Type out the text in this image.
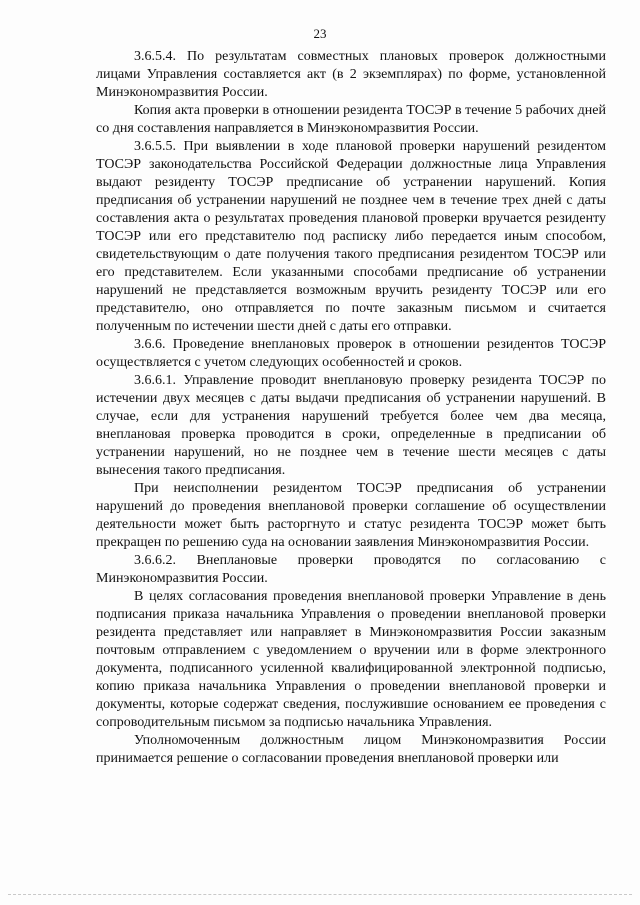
23

3.6.5.4. По результатам совместных плановых проверок должностными лицами Управления составляется акт (в 2 экземплярах) по форме, установленной Минэкономразвития России.

Копия акта проверки в отношении резидента ТОСЭР в течение 5 рабочих дней со дня составления направляется в Минэкономразвития России.

3.6.5.5. При выявлении в ходе плановой проверки нарушений резидентом ТОСЭР законодательства Российской Федерации должностные лица Управления выдают резиденту ТОСЭР предписание об устранении нарушений. Копия предписания об устранении нарушений не позднее чем в течение трех дней с даты составления акта о результатах проведения плановой проверки вручается резиденту ТОСЭР или его представителю под расписку либо передается иным способом, свидетельствующим о дате получения такого предписания резидентом ТОСЭР или его представителем. Если указанными способами предписание об устранении нарушений не представляется возможным вручить резиденту ТОСЭР или его представителю, оно отправляется по почте заказным письмом и считается полученным по истечении шести дней с даты его отправки.

3.6.6. Проведение внеплановых проверок в отношении резидентов ТОСЭР осуществляется с учетом следующих особенностей и сроков.

3.6.6.1. Управление проводит внеплановую проверку резидента ТОСЭР по истечении двух месяцев с даты выдачи предписания об устранении нарушений. В случае, если для устранения нарушений требуется более чем два месяца, внеплановая проверка проводится в сроки, определенные в предписании об устранении нарушений, но не позднее чем в течение шести месяцев с даты вынесения такого предписания.

При неисполнении резидентом ТОСЭР предписания об устранении нарушений до проведения внеплановой проверки соглашение об осуществлении деятельности может быть расторгнуто и статус резидента ТОСЭР может быть прекращен по решению суда на основании заявления Минэкономразвития России.

3.6.6.2. Внеплановые проверки проводятся по согласованию с Минэкономразвития России.

В целях согласования проведения внеплановой проверки Управление в день подписания приказа начальника Управления о проведении внеплановой проверки резидента представляет или направляет в Минэкономразвития России заказным почтовым отправлением с уведомлением о вручении или в форме электронного документа, подписанного усиленной квалифицированной электронной подписью, копию приказа начальника Управления о проведении внеплановой проверки и документы, которые содержат сведения, послужившие основанием ее проведения с сопроводительным письмом за подписью начальника Управления.

Уполномоченным должностным лицом Минэкономразвития России принимается решение о согласовании проведения внеплановой проверки или
